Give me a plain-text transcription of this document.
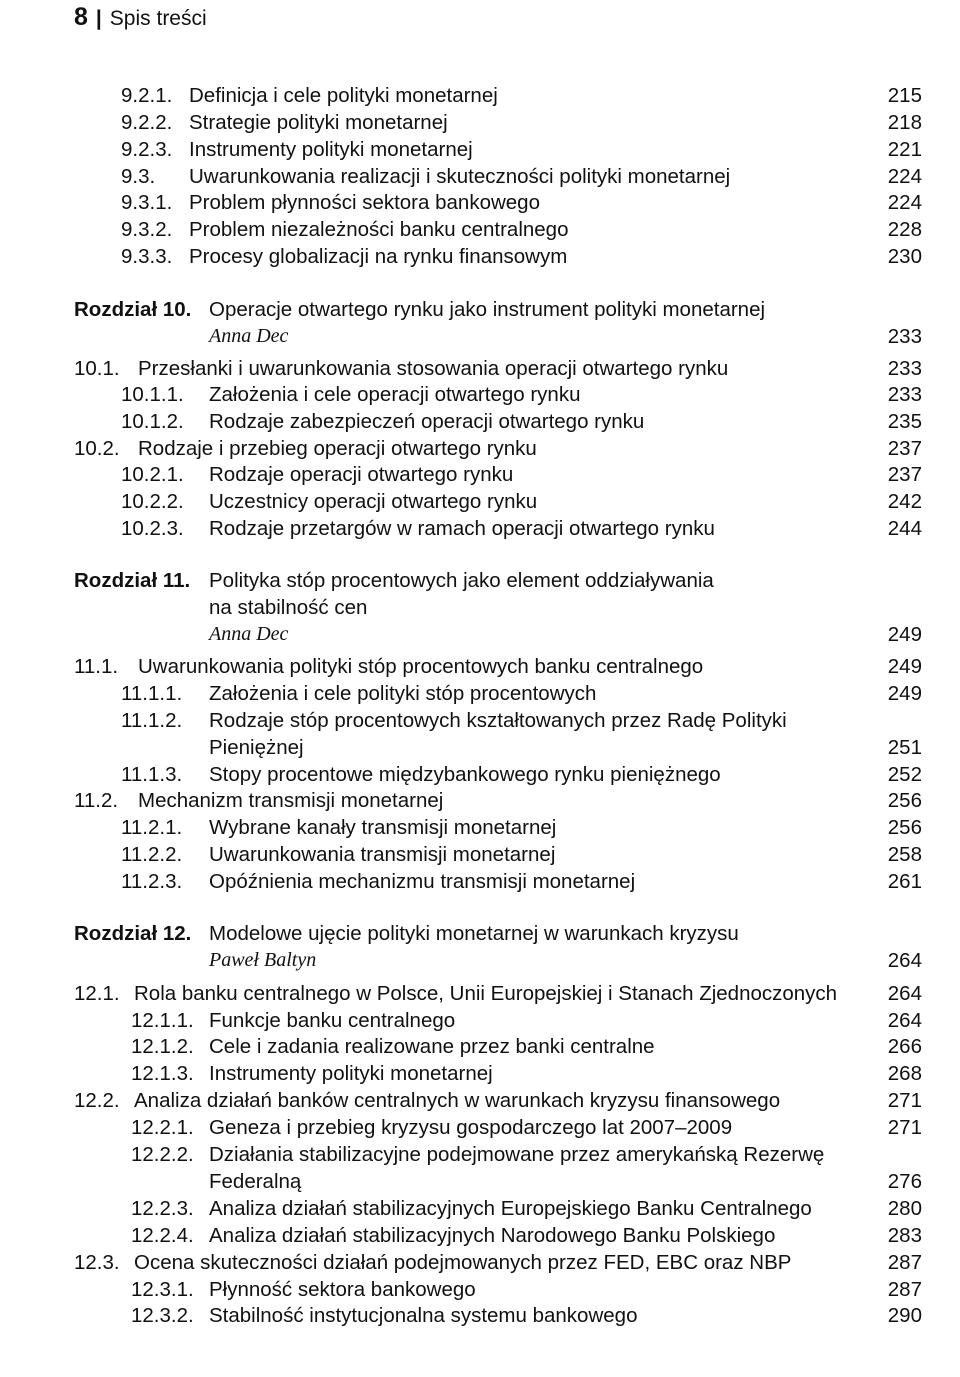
8 | Spis treści
9.2.1. Definicja i cele polityki monetarnej	215
9.2.2. Strategie polityki monetarnej	218
9.2.3. Instrumenty polityki monetarnej	221
9.3. Uwarunkowania realizacji i skuteczności polityki monetarnej	224
9.3.1. Problem płynności sektora bankowego	224
9.3.2. Problem niezależności banku centralnego	228
9.3.3. Procesy globalizacji na rynku finansowym	230
Rozdział 10. Operacje otwartego rynku jako instrument polityki monetarnej
Anna Dec	233
10.1. Przesłanki i uwarunkowania stosowania operacji otwartego rynku	233
10.1.1. Założenia i cele operacji otwartego rynku	233
10.1.2. Rodzaje zabezpieczeń operacji otwartego rynku	235
10.2. Rodzaje i przebieg operacji otwartego rynku	237
10.2.1. Rodzaje operacji otwartego rynku	237
10.2.2. Uczestnicy operacji otwartego rynku	242
10.2.3. Rodzaje przetargów w ramach operacji otwartego rynku	244
Rozdział 11. Polityka stóp procentowych jako element oddziaływania
na stabilność cen
Anna Dec	249
11.1. Uwarunkowania polityki stóp procentowych banku centralnego	249
11.1.1. Założenia i cele polityki stóp procentowych	249
11.1.2. Rodzaje stóp procentowych kształtowanych przez Radę Polityki
Pieniężnej	251
11.1.3. Stopy procentowe międzybankowego rynku pieniężnego	252
11.2. Mechanizm transmisji monetarnej	256
11.2.1. Wybrane kanały transmisji monetarnej	256
11.2.2. Uwarunkowania transmisji monetarnej	258
11.2.3. Opóźnienia mechanizmu transmisji monetarnej	261
Rozdział 12. Modelowe ujęcie polityki monetarnej w warunkach kryzysu
Paweł Baltyn	264
12.1. Rola banku centralnego w Polsce, Unii Europejskiej i Stanach Zjednoczonych 264
12.1.1. Funkcje banku centralnego	264
12.1.2. Cele i zadania realizowane przez banki centralne	266
12.1.3. Instrumenty polityki monetarnej	268
12.2. Analiza działań banków centralnych w warunkach kryzysu finansowego	271
12.2.1. Geneza i przebieg kryzysu gospodarczego lat 2007–2009	271
12.2.2. Działania stabilizacyjne podejmowane przez amerykańską Rezerwę
Federalną	276
12.2.3. Analiza działań stabilizacyjnych Europejskiego Banku Centralnego	280
12.2.4. Analiza działań stabilizacyjnych Narodowego Banku Polskiego	283
12.3. Ocena skuteczności działań podejmowanych przez FED, EBC oraz NBP	287
12.3.1. Płynność sektora bankowego	287
12.3.2. Stabilność instytucjonalna systemu bankowego	290
